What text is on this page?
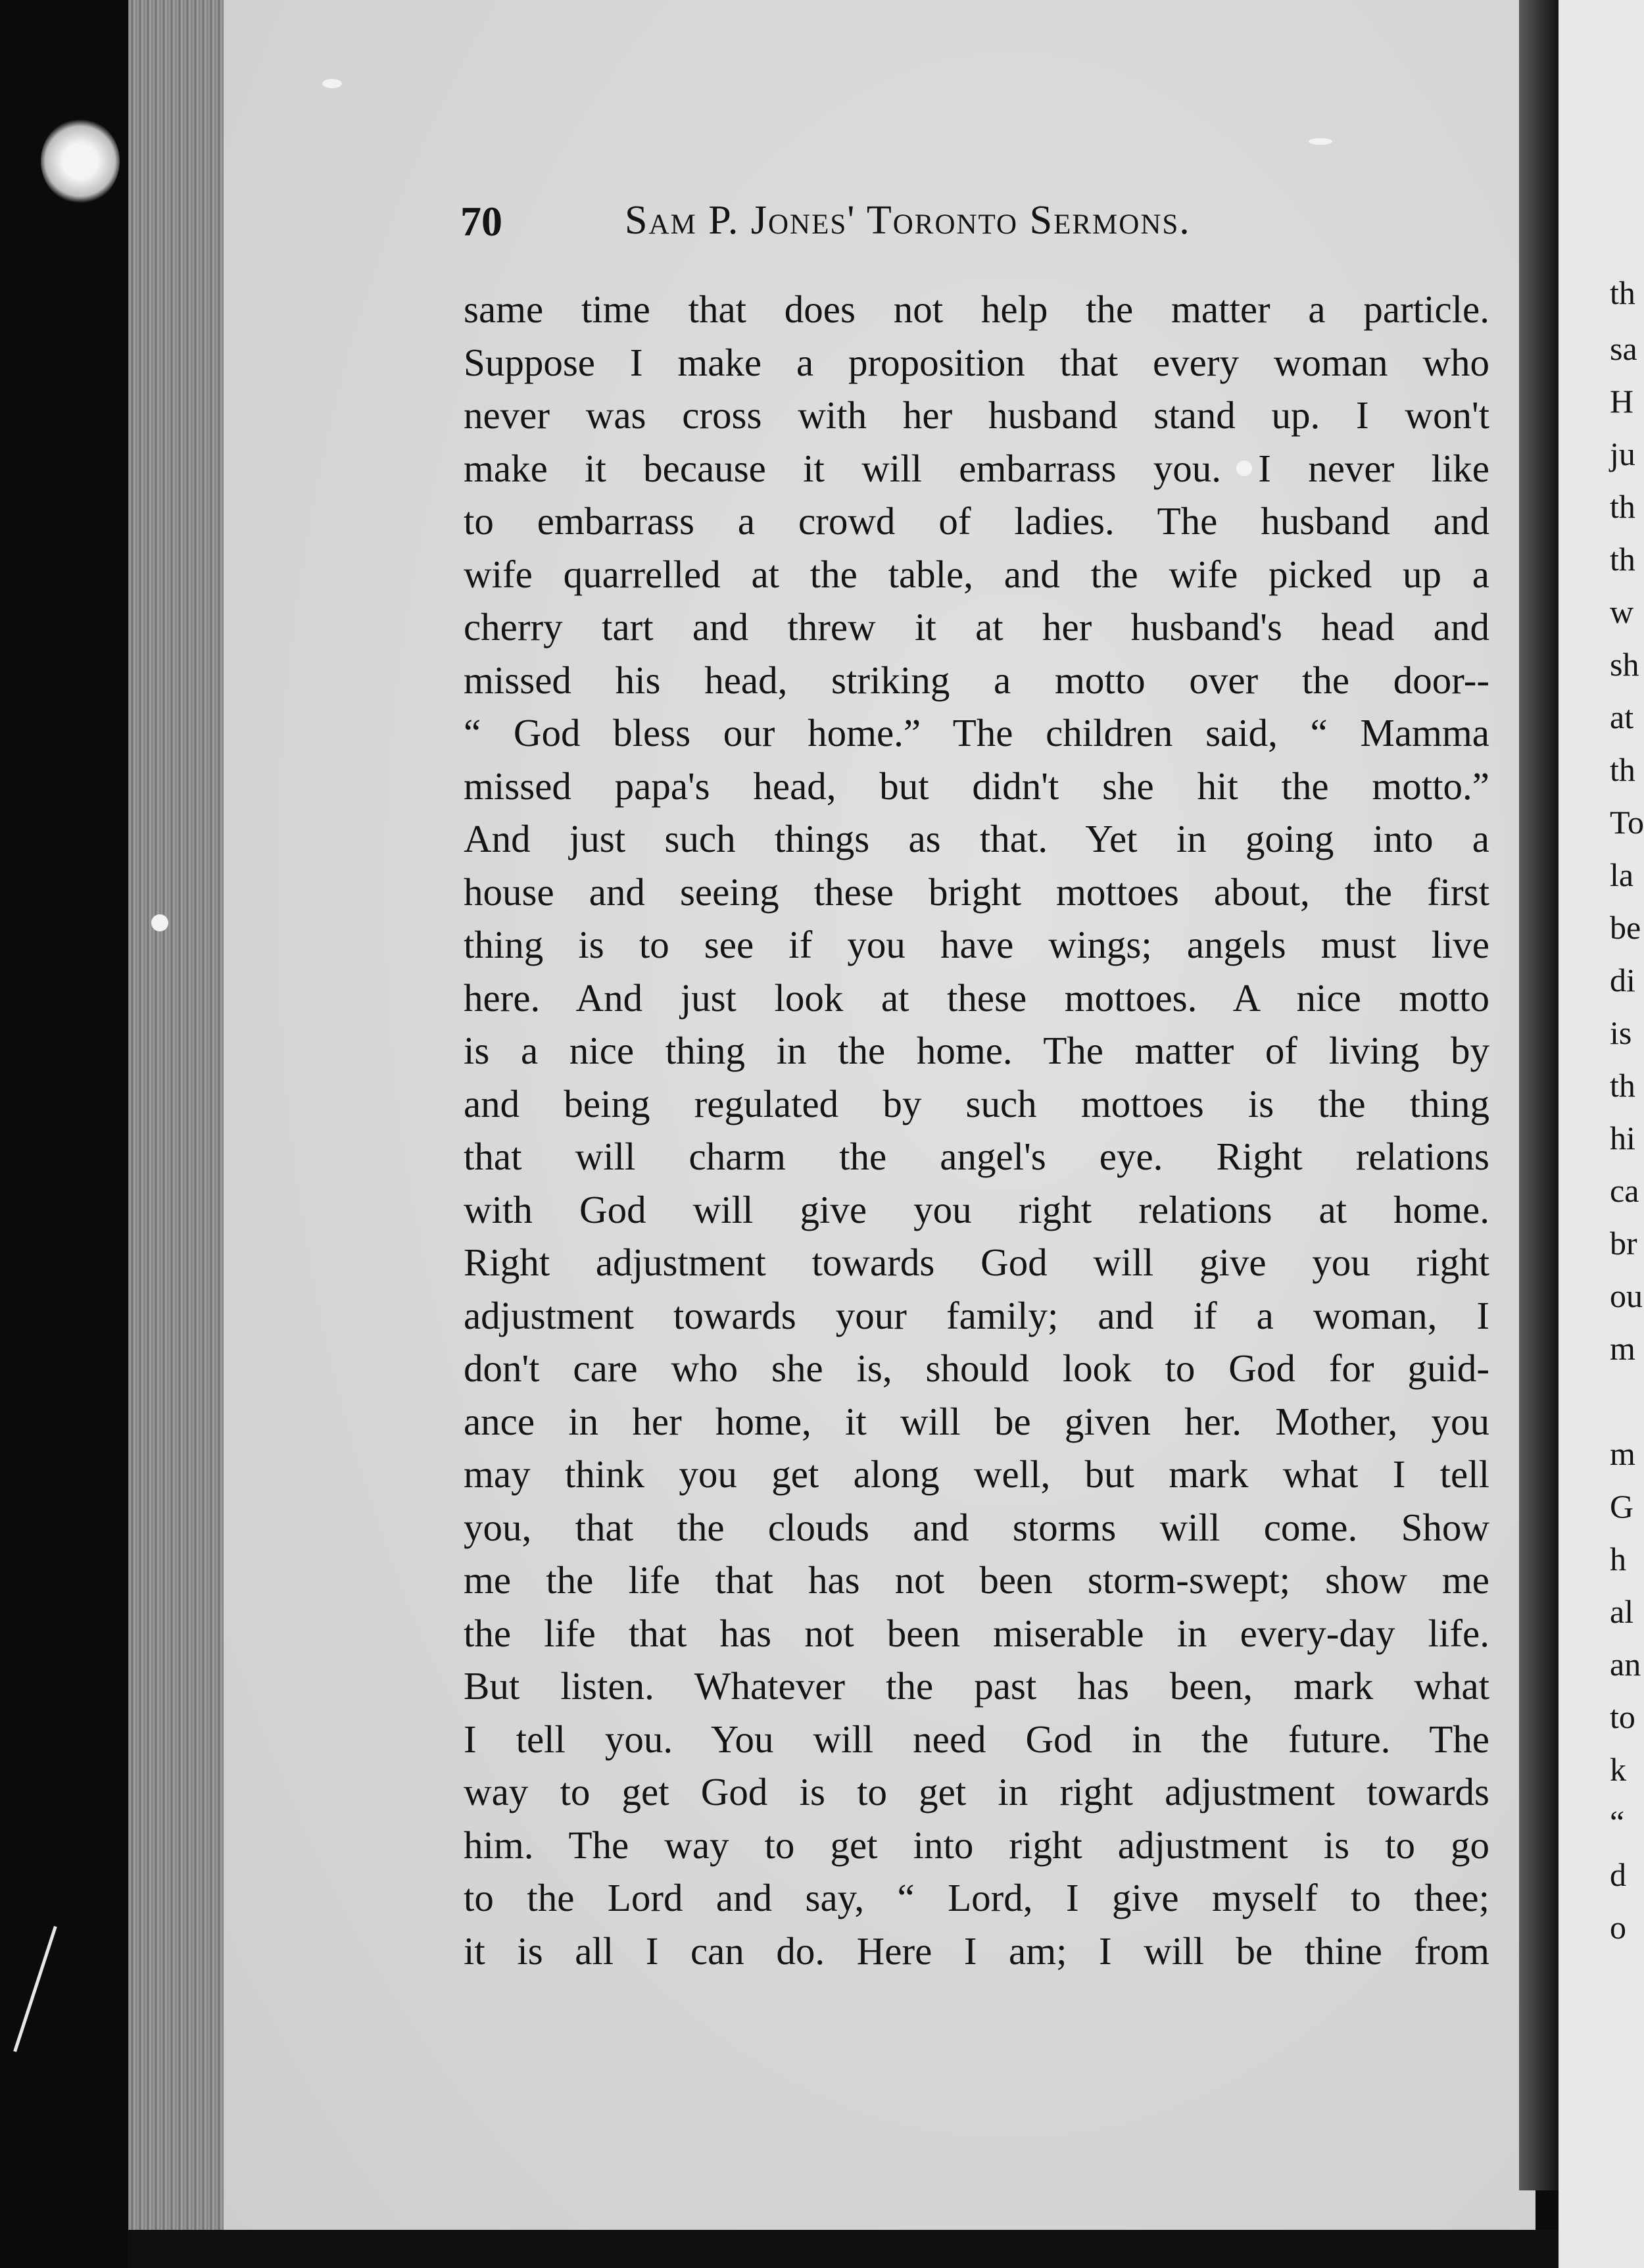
th
sa
H
ju
th
th
w
sh
at
th
To
la
be
di
is
th
hi
ca
br
ou
m
m
G
h
al
an
to
k
“
d
o
70	Sam P. Jones' Toronto Sermons.
same time that does not help the matter a particle.
Suppose I make a proposition that every woman who
never was cross with her husband stand up. I won't
make it because it will embarrass you. I never like
to embarrass a crowd of ladies. The husband and
wife quarrelled at the table, and the wife picked up a
cherry tart and threw it at her husband's head and
missed his head, striking a motto over the door--
“ God bless our home.” The children said, “ Mamma
missed papa's head, but didn't she hit the motto.”
And just such things as that. Yet in going into a
house and seeing these bright mottoes about, the first
thing is to see if you have wings; angels must live
here. And just look at these mottoes. A nice motto
is a nice thing in the home. The matter of living by
and being regulated by such mottoes is the thing
that will charm the angel's eye. Right relations
with God will give you right relations at home.
Right adjustment towards God will give you right
adjustment towards your family; and if a woman, I
don't care who she is, should look to God for guid-
ance in her home, it will be given her. Mother, you
may think you get along well, but mark what I tell
you, that the clouds and storms will come. Show
me the life that has not been storm-swept; show me
the life that has not been miserable in every-day life.
But listen. Whatever the past has been, mark what
I tell you. You will need God in the future. The
way to get God is to get in right adjustment towards
him. The way to get into right adjustment is to go
to the Lord and say, “ Lord, I give myself to thee;
it is all I can do. Here I am; I will be thine from
